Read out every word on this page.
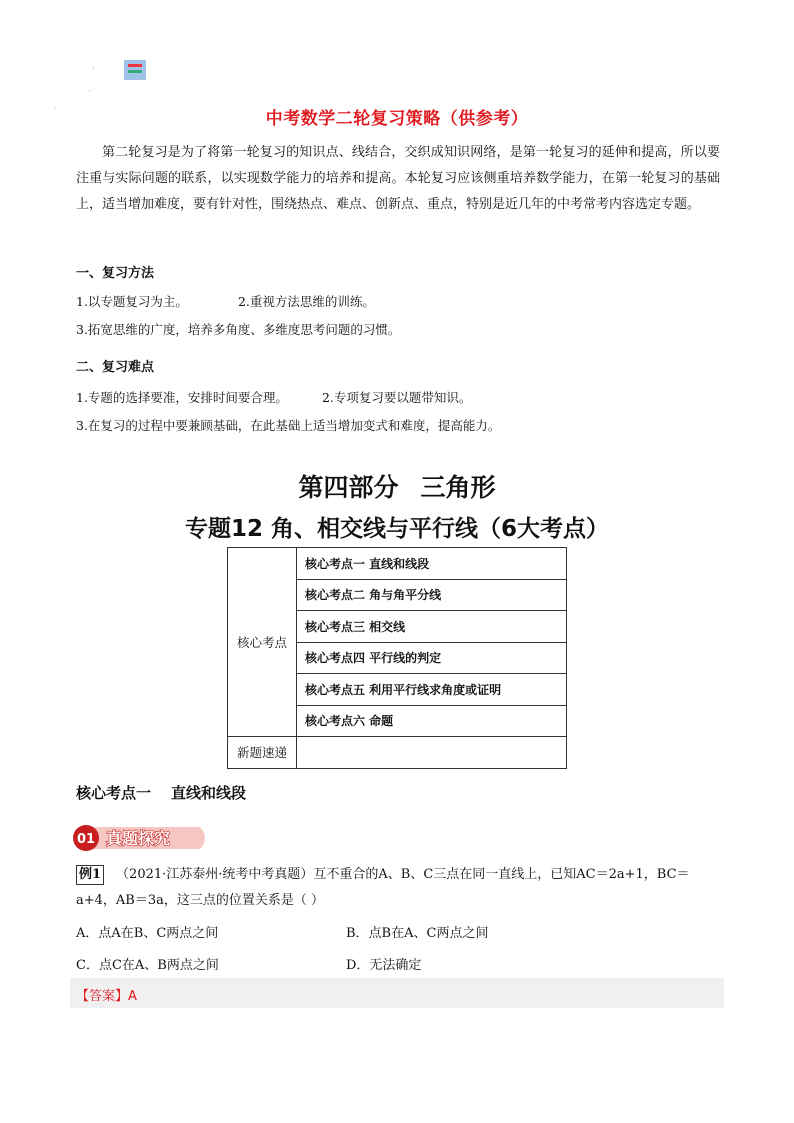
中考
倒计时	中考数学二轮复习策略（供参考）

第二轮复习是为了将第一轮复习的知识点、线结合，交织成知识网络，是第一轮复习的延伸和提高，所以要注重与实际问题的联系，以实现数学能力的培养和提高。本轮复习应该侧重培养数学能力，在第一轮复习的基础上，适当增加难度，要有针对性，围绕热点、难点、创新点、重点，特别是近几年的中考常考内容选定专题。

一、复习方法

1.以专题复习为主。	2.重视方法思维的训练。

3.拓宽思维的广度，培养多角度、多维度思考问题的习惯。

二、复习难点

1.专题的选择要准，安排时间要合理。	2.专项复习要以题带知识。

3.在复习的过程中要兼顾基础，在此基础上适当增加变式和难度，提高能力。

第四部分 三角形
专题12 角、相交线与平行线（6大考点）
核心考点	核心考点一 直线和线段
	核心考点二 角与角平分线
	核心考点三 相交线
	核心考点四 平行线的判定
	核心考点五 利用平行线求角度或证明
	核心考点六 命题
新题速递	
核心考点一 直线和线段
01 真题探究

例1 （2021·江苏泰州·统考中考真题）互不重合的A、B、C三点在同一直线上，已知AC＝2a+1，BC＝a+4，AB＝3a，这三点的位置关系是（ ）

A．点A在B、C两点之间	B．点B在A、C两点之间

C．点C在A、B两点之间	D．无法确定

【答案】A
